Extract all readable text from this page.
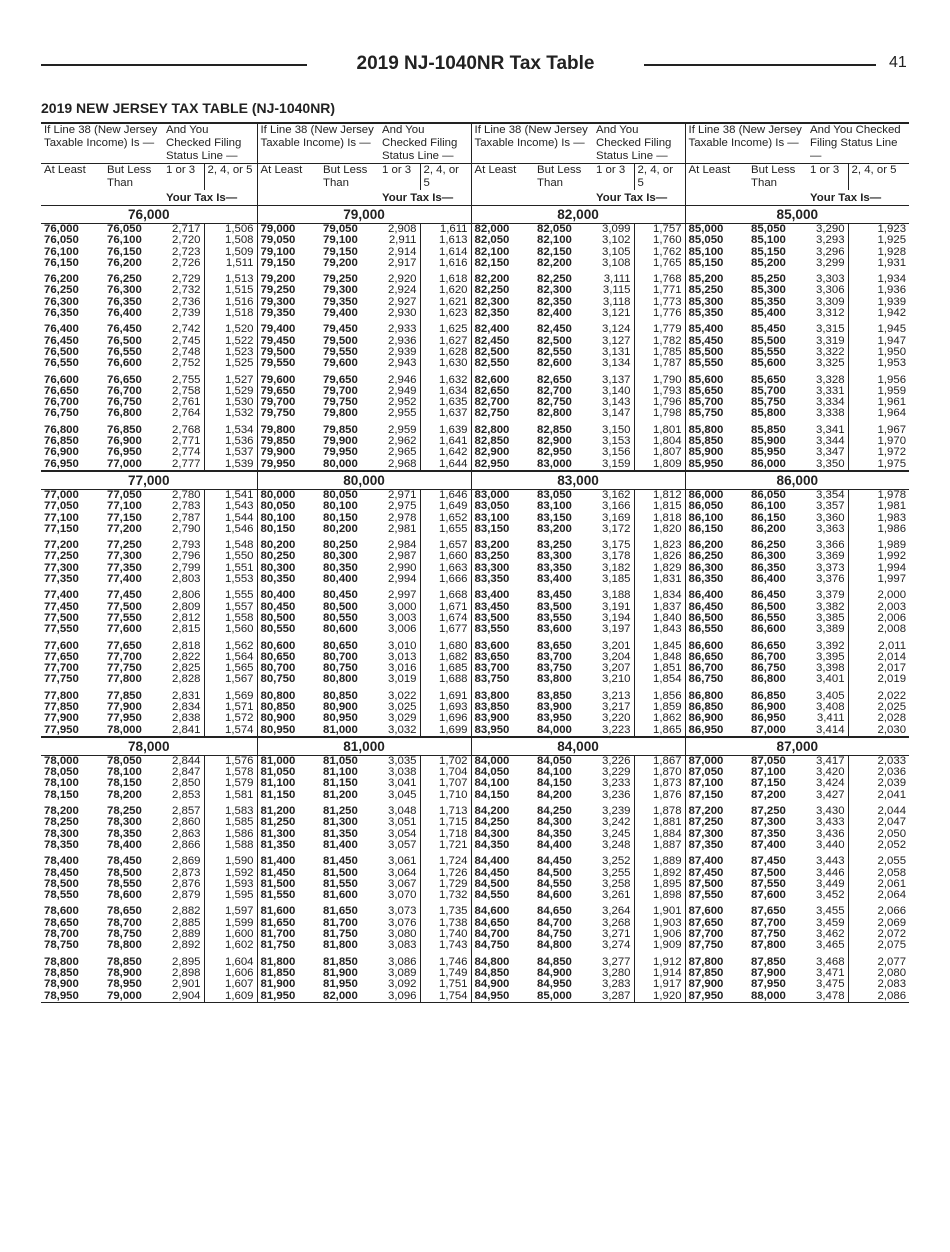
2019 NJ-1040NR Tax Table	41
2019 NEW JERSEY TAX TABLE (NJ-1040NR)
If Line 38 (New Jersey Taxable Income) Is —		And You Checked Filing Status Line —		If Line 38 (New Jersey Taxable Income) Is —		And You Checked Filing Status Line —		If Line 38 (New Jersey Taxable Income) Is —		And You Checked Filing Status Line —		If Line 38 (New Jersey Taxable Income) Is —		And You Checked Filing Status Line —	
At Least	But Less Than	1 or 3	2, 4, or 5	At Least	But Less Than	1 or 3	2, 4, or 5	At Least	But Less Than	1 or 3	2, 4, or 5	At Least	But Less Than	1 or 3	2, 4, or 5
		Your Tax Is—				Your Tax Is—				Your Tax Is—				Your Tax Is—	
76,000				79,000				82,000				85,000			
76,000	76,050	2,717	1,506	79,000	79,050	2,908	1,611	82,000	82,050	3,099	1,757	85,000	85,050	3,290	1,923
76,050	76,100	2,720	1,508	79,050	79,100	2,911	1,613	82,050	82,100	3,102	1,760	85,050	85,100	3,293	1,925
76,100	76,150	2,723	1,509	79,100	79,150	2,914	1,614	82,100	82,150	3,105	1,762	85,100	85,150	3,296	1,928
76,150	76,200	2,726	1,511	79,150	79,200	2,917	1,616	82,150	82,200	3,108	1,765	85,150	85,200	3,299	1,931
76,200	76,250	2,729	1,513	79,200	79,250	2,920	1,618	82,200	82,250	3,111	1,768	85,200	85,250	3,303	1,934
76,250	76,300	2,732	1,515	79,250	79,300	2,924	1,620	82,250	82,300	3,115	1,771	85,250	85,300	3,306	1,936
76,300	76,350	2,736	1,516	79,300	79,350	2,927	1,621	82,300	82,350	3,118	1,773	85,300	85,350	3,309	1,939
76,350	76,400	2,739	1,518	79,350	79,400	2,930	1,623	82,350	82,400	3,121	1,776	85,350	85,400	3,312	1,942
76,400	76,450	2,742	1,520	79,400	79,450	2,933	1,625	82,400	82,450	3,124	1,779	85,400	85,450	3,315	1,945
76,450	76,500	2,745	1,522	79,450	79,500	2,936	1,627	82,450	82,500	3,127	1,782	85,450	85,500	3,319	1,947
76,500	76,550	2,748	1,523	79,500	79,550	2,939	1,628	82,500	82,550	3,131	1,785	85,500	85,550	3,322	1,950
76,550	76,600	2,752	1,525	79,550	79,600	2,943	1,630	82,550	82,600	3,134	1,787	85,550	85,600	3,325	1,953
76,600	76,650	2,755	1,527	79,600	79,650	2,946	1,632	82,600	82,650	3,137	1,790	85,600	85,650	3,328	1,956
76,650	76,700	2,758	1,529	79,650	79,700	2,949	1,634	82,650	82,700	3,140	1,793	85,650	85,700	3,331	1,959
76,700	76,750	2,761	1,530	79,700	79,750	2,952	1,635	82,700	82,750	3,143	1,796	85,700	85,750	3,334	1,961
76,750	76,800	2,764	1,532	79,750	79,800	2,955	1,637	82,750	82,800	3,147	1,798	85,750	85,800	3,338	1,964
76,800	76,850	2,768	1,534	79,800	79,850	2,959	1,639	82,800	82,850	3,150	1,801	85,800	85,850	3,341	1,967
76,850	76,900	2,771	1,536	79,850	79,900	2,962	1,641	82,850	82,900	3,153	1,804	85,850	85,900	3,344	1,970
76,900	76,950	2,774	1,537	79,900	79,950	2,965	1,642	82,900	82,950	3,156	1,807	85,900	85,950	3,347	1,972
76,950	77,000	2,777	1,539	79,950	80,000	2,968	1,644	82,950	83,000	3,159	1,809	85,950	86,000	3,350	1,975
77,000				80,000				83,000				86,000			
77,000	77,050	2,780	1,541	80,000	80,050	2,971	1,646	83,000	83,050	3,162	1,812	86,000	86,050	3,354	1,978
77,050	77,100	2,783	1,543	80,050	80,100	2,975	1,649	83,050	83,100	3,166	1,815	86,050	86,100	3,357	1,981
77,100	77,150	2,787	1,544	80,100	80,150	2,978	1,652	83,100	83,150	3,169	1,818	86,100	86,150	3,360	1,983
77,150	77,200	2,790	1,546	80,150	80,200	2,981	1,655	83,150	83,200	3,172	1,820	86,150	86,200	3,363	1,986
77,200	77,250	2,793	1,548	80,200	80,250	2,984	1,657	83,200	83,250	3,175	1,823	86,200	86,250	3,366	1,989
77,250	77,300	2,796	1,550	80,250	80,300	2,987	1,660	83,250	83,300	3,178	1,826	86,250	86,300	3,369	1,992
77,300	77,350	2,799	1,551	80,300	80,350	2,990	1,663	83,300	83,350	3,182	1,829	86,300	86,350	3,373	1,994
77,350	77,400	2,803	1,553	80,350	80,400	2,994	1,666	83,350	83,400	3,185	1,831	86,350	86,400	3,376	1,997
77,400	77,450	2,806	1,555	80,400	80,450	2,997	1,668	83,400	83,450	3,188	1,834	86,400	86,450	3,379	2,000
77,450	77,500	2,809	1,557	80,450	80,500	3,000	1,671	83,450	83,500	3,191	1,837	86,450	86,500	3,382	2,003
77,500	77,550	2,812	1,558	80,500	80,550	3,003	1,674	83,500	83,550	3,194	1,840	86,500	86,550	3,385	2,006
77,550	77,600	2,815	1,560	80,550	80,600	3,006	1,677	83,550	83,600	3,197	1,843	86,550	86,600	3,389	2,008
77,600	77,650	2,818	1,562	80,600	80,650	3,010	1,680	83,600	83,650	3,201	1,845	86,600	86,650	3,392	2,011
77,650	77,700	2,822	1,564	80,650	80,700	3,013	1,682	83,650	83,700	3,204	1,848	86,650	86,700	3,395	2,014
77,700	77,750	2,825	1,565	80,700	80,750	3,016	1,685	83,700	83,750	3,207	1,851	86,700	86,750	3,398	2,017
77,750	77,800	2,828	1,567	80,750	80,800	3,019	1,688	83,750	83,800	3,210	1,854	86,750	86,800	3,401	2,019
77,800	77,850	2,831	1,569	80,800	80,850	3,022	1,691	83,800	83,850	3,213	1,856	86,800	86,850	3,405	2,022
77,850	77,900	2,834	1,571	80,850	80,900	3,025	1,693	83,850	83,900	3,217	1,859	86,850	86,900	3,408	2,025
77,900	77,950	2,838	1,572	80,900	80,950	3,029	1,696	83,900	83,950	3,220	1,862	86,900	86,950	3,411	2,028
77,950	78,000	2,841	1,574	80,950	81,000	3,032	1,699	83,950	84,000	3,223	1,865	86,950	87,000	3,414	2,030
78,000				81,000				84,000				87,000			
78,000	78,050	2,844	1,576	81,000	81,050	3,035	1,702	84,000	84,050	3,226	1,867	87,000	87,050	3,417	2,033
78,050	78,100	2,847	1,578	81,050	81,100	3,038	1,704	84,050	84,100	3,229	1,870	87,050	87,100	3,420	2,036
78,100	78,150	2,850	1,579	81,100	81,150	3,041	1,707	84,100	84,150	3,233	1,873	87,100	87,150	3,424	2,039
78,150	78,200	2,853	1,581	81,150	81,200	3,045	1,710	84,150	84,200	3,236	1,876	87,150	87,200	3,427	2,041
78,200	78,250	2,857	1,583	81,200	81,250	3,048	1,713	84,200	84,250	3,239	1,878	87,200	87,250	3,430	2,044
78,250	78,300	2,860	1,585	81,250	81,300	3,051	1,715	84,250	84,300	3,242	1,881	87,250	87,300	3,433	2,047
78,300	78,350	2,863	1,586	81,300	81,350	3,054	1,718	84,300	84,350	3,245	1,884	87,300	87,350	3,436	2,050
78,350	78,400	2,866	1,588	81,350	81,400	3,057	1,721	84,350	84,400	3,248	1,887	87,350	87,400	3,440	2,052
78,400	78,450	2,869	1,590	81,400	81,450	3,061	1,724	84,400	84,450	3,252	1,889	87,400	87,450	3,443	2,055
78,450	78,500	2,873	1,592	81,450	81,500	3,064	1,726	84,450	84,500	3,255	1,892	87,450	87,500	3,446	2,058
78,500	78,550	2,876	1,593	81,500	81,550	3,067	1,729	84,500	84,550	3,258	1,895	87,500	87,550	3,449	2,061
78,550	78,600	2,879	1,595	81,550	81,600	3,070	1,732	84,550	84,600	3,261	1,898	87,550	87,600	3,452	2,064
78,600	78,650	2,882	1,597	81,600	81,650	3,073	1,735	84,600	84,650	3,264	1,901	87,600	87,650	3,455	2,066
78,650	78,700	2,885	1,599	81,650	81,700	3,076	1,738	84,650	84,700	3,268	1,903	87,650	87,700	3,459	2,069
78,700	78,750	2,889	1,600	81,700	81,750	3,080	1,740	84,700	84,750	3,271	1,906	87,700	87,750	3,462	2,072
78,750	78,800	2,892	1,602	81,750	81,800	3,083	1,743	84,750	84,800	3,274	1,909	87,750	87,800	3,465	2,075
78,800	78,850	2,895	1,604	81,800	81,850	3,086	1,746	84,800	84,850	3,277	1,912	87,800	87,850	3,468	2,077
78,850	78,900	2,898	1,606	81,850	81,900	3,089	1,749	84,850	84,900	3,280	1,914	87,850	87,900	3,471	2,080
78,900	78,950	2,901	1,607	81,900	81,950	3,092	1,751	84,900	84,950	3,283	1,917	87,900	87,950	3,475	2,083
78,950	79,000	2,904	1,609	81,950	82,000	3,096	1,754	84,950	85,000	3,287	1,920	87,950	88,000	3,478	2,086
